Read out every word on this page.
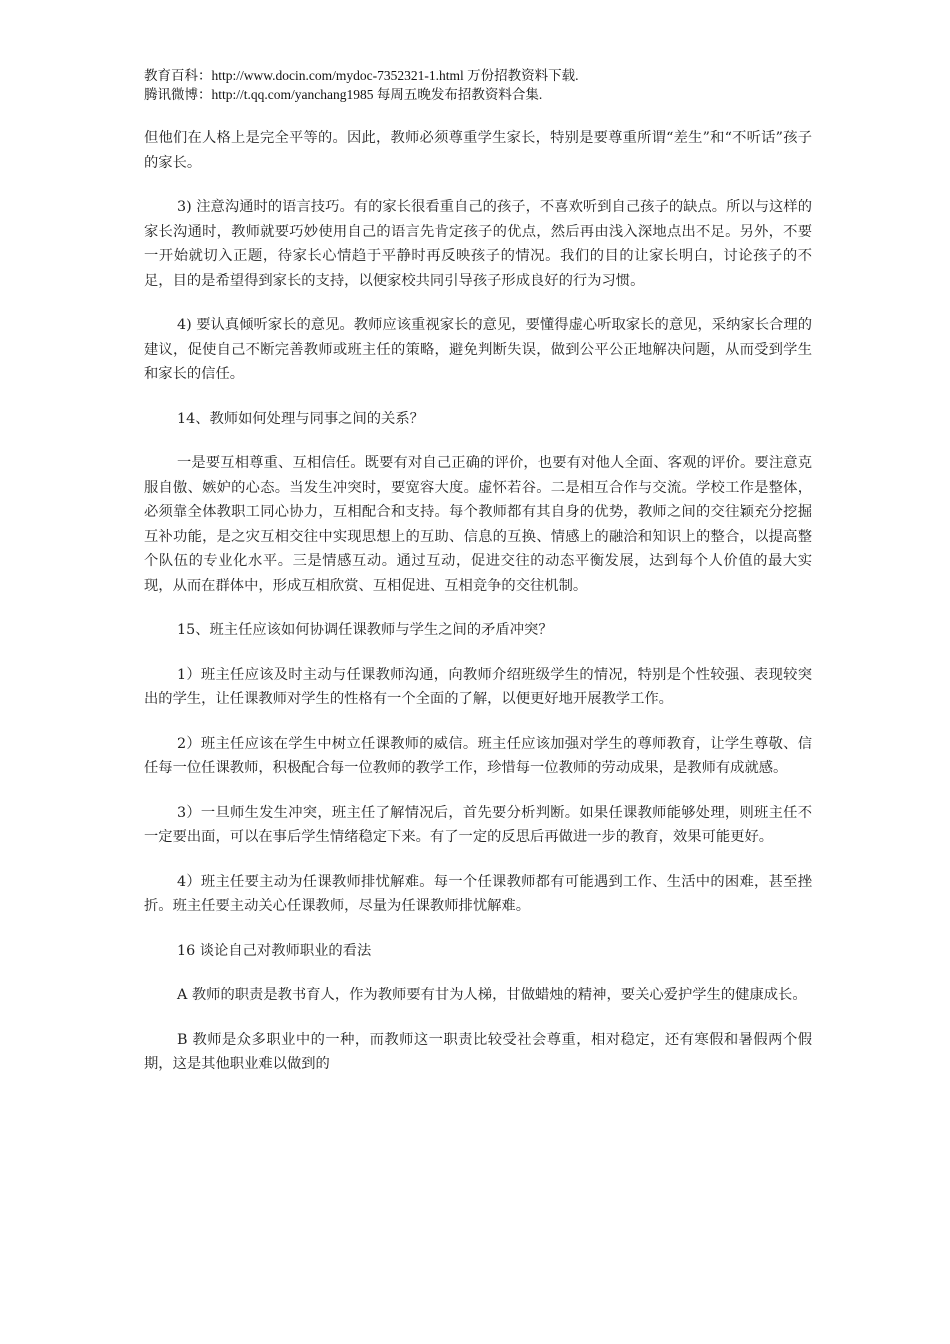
教育百科：http://www.docin.com/mydoc-7352321-1.html 万份招教资料下载.
腾讯微博：http://t.qq.com/yanchang1985 每周五晚发布招教资料合集.

但他们在人格上是完全平等的。因此，教师必须尊重学生家长，特别是要尊重所谓“差生”和“不听话”孩子的家长。

3) 注意沟通时的语言技巧。有的家长很看重自己的孩子，不喜欢听到自己孩子的缺点。所以与这样的家长沟通时，教师就要巧妙使用自己的语言先肯定孩子的优点，然后再由浅入深地点出不足。另外，不要一开始就切入正题，待家长心情趋于平静时再反映孩子的情况。我们的目的让家长明白，讨论孩子的不足，目的是希望得到家长的支持，以便家校共同引导孩子形成良好的行为习惯。

4) 要认真倾听家长的意见。教师应该重视家长的意见，要懂得虚心听取家长的意见，采纳家长合理的建议，促使自己不断完善教师或班主任的策略，避免判断失误，做到公平公正地解决问题，从而受到学生和家长的信任。

14、教师如何处理与同事之间的关系？

一是要互相尊重、互相信任。既要有对自己正确的评价，也要有对他人全面、客观的评价。要注意克服自傲、嫉妒的心态。当发生冲突时，要宽容大度。虚怀若谷。二是相互合作与交流。学校工作是整体，必须靠全体教职工同心协力，互相配合和支持。每个教师都有其自身的优势，教师之间的交往颖充分挖掘互补功能，是之灾互相交往中实现思想上的互助、信息的互换、情感上的融洽和知识上的整合，以提高整个队伍的专业化水平。三是情感互动。通过互动，促进交往的动态平衡发展，达到每个人价值的最大实现，从而在群体中，形成互相欣赏、互相促进、互相竞争的交往机制。

15、班主任应该如何协调任课教师与学生之间的矛盾冲突？

1）班主任应该及时主动与任课教师沟通，向教师介绍班级学生的情况，特别是个性较强、表现较突出的学生，让任课教师对学生的性格有一个全面的了解，以便更好地开展教学工作。

2）班主任应该在学生中树立任课教师的威信。班主任应该加强对学生的尊师教育，让学生尊敬、信任每一位任课教师，积极配合每一位教师的教学工作，珍惜每一位教师的劳动成果，是教师有成就感。

3）一旦师生发生冲突，班主任了解情况后，首先要分析判断。如果任课教师能够处理，则班主任不一定要出面，可以在事后学生情绪稳定下来。有了一定的反思后再做进一步的教育，效果可能更好。

4）班主任要主动为任课教师排忧解难。每一个任课教师都有可能遇到工作、生活中的困难，甚至挫折。班主任要主动关心任课教师，尽量为任课教师排忧解难。

16 谈论自己对教师职业的看法

A 教师的职责是教书育人，作为教师要有甘为人梯，甘做蜡烛的精神，要关心爱护学生的健康成长。

B 教师是众多职业中的一种，而教师这一职责比较受社会尊重，相对稳定，还有寒假和暑假两个假期，这是其他职业难以做到的
